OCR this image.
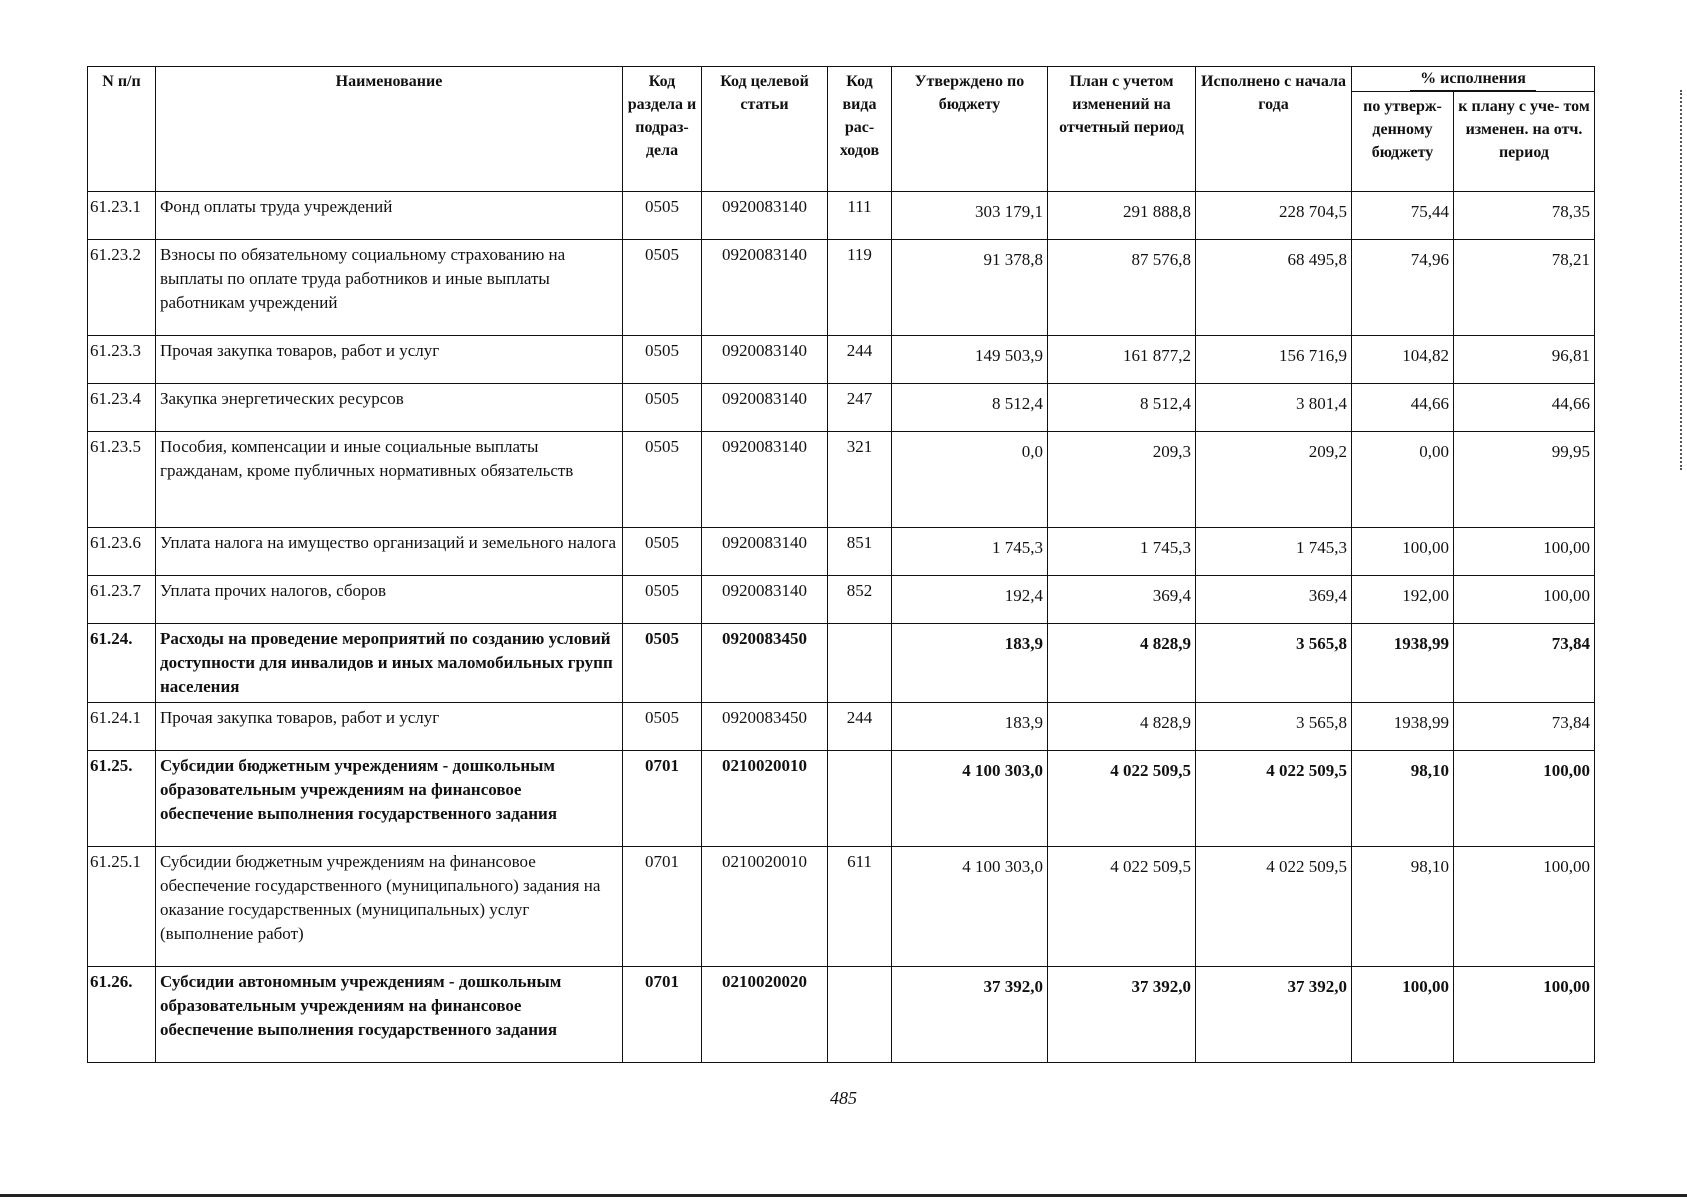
N п/п	Наименование	Код раздела и подраз- дела	Код целевой статьи	Код вида рас- ходов	Утверждено по бюджету	План с учетом изменений на отчетный период	Исполнено с начала года	% исполнения	
								по утверж- денному бюджету	к плану с уче- том изменен. на отч. период
61.23.1	Фонд оплаты труда учреждений	0505	0920083140	111	303 179,1	291 888,8	228 704,5	75,44	78,35
61.23.2	Взносы по обязательному социальному страхованию на выплаты по оплате труда работников и иные выплаты работникам учреждений	0505	0920083140	119	91 378,8	87 576,8	68 495,8	74,96	78,21
61.23.3	Прочая закупка товаров, работ и услуг	0505	0920083140	244	149 503,9	161 877,2	156 716,9	104,82	96,81
61.23.4	Закупка энергетических ресурсов	0505	0920083140	247	8 512,4	8 512,4	3 801,4	44,66	44,66
61.23.5	Пособия, компенсации и иные социальные выплаты гражданам, кроме публичных нормативных обязательств	0505	0920083140	321	0,0	209,3	209,2	0,00	99,95
61.23.6	Уплата налога на имущество организаций и земельного налога	0505	0920083140	851	1 745,3	1 745,3	1 745,3	100,00	100,00
61.23.7	Уплата прочих налогов, сборов	0505	0920083140	852	192,4	369,4	369,4	192,00	100,00
61.24.	Расходы на проведение мероприятий по созданию условий доступности для инвалидов и иных маломобильных групп населения	0505	0920083450		183,9	4 828,9	3 565,8	1938,99	73,84
61.24.1	Прочая закупка товаров, работ и услуг	0505	0920083450	244	183,9	4 828,9	3 565,8	1938,99	73,84
61.25.	Субсидии бюджетным учреждениям - дошкольным образовательным учреждениям на финансовое обеспечение выполнения государственного задания	0701	0210020010		4 100 303,0	4 022 509,5	4 022 509,5	98,10	100,00
61.25.1	Субсидии бюджетным учреждениям на финансовое обеспечение государственного (муниципального) задания на оказание государственных (муниципальных) услуг (выполнение работ)	0701	0210020010	611	4 100 303,0	4 022 509,5	4 022 509,5	98,10	100,00
61.26.	Субсидии автономным учреждениям - дошкольным образовательным учреждениям на финансовое обеспечение выполнения государственного задания	0701	0210020020		37 392,0	37 392,0	37 392,0	100,00	100,00
485
